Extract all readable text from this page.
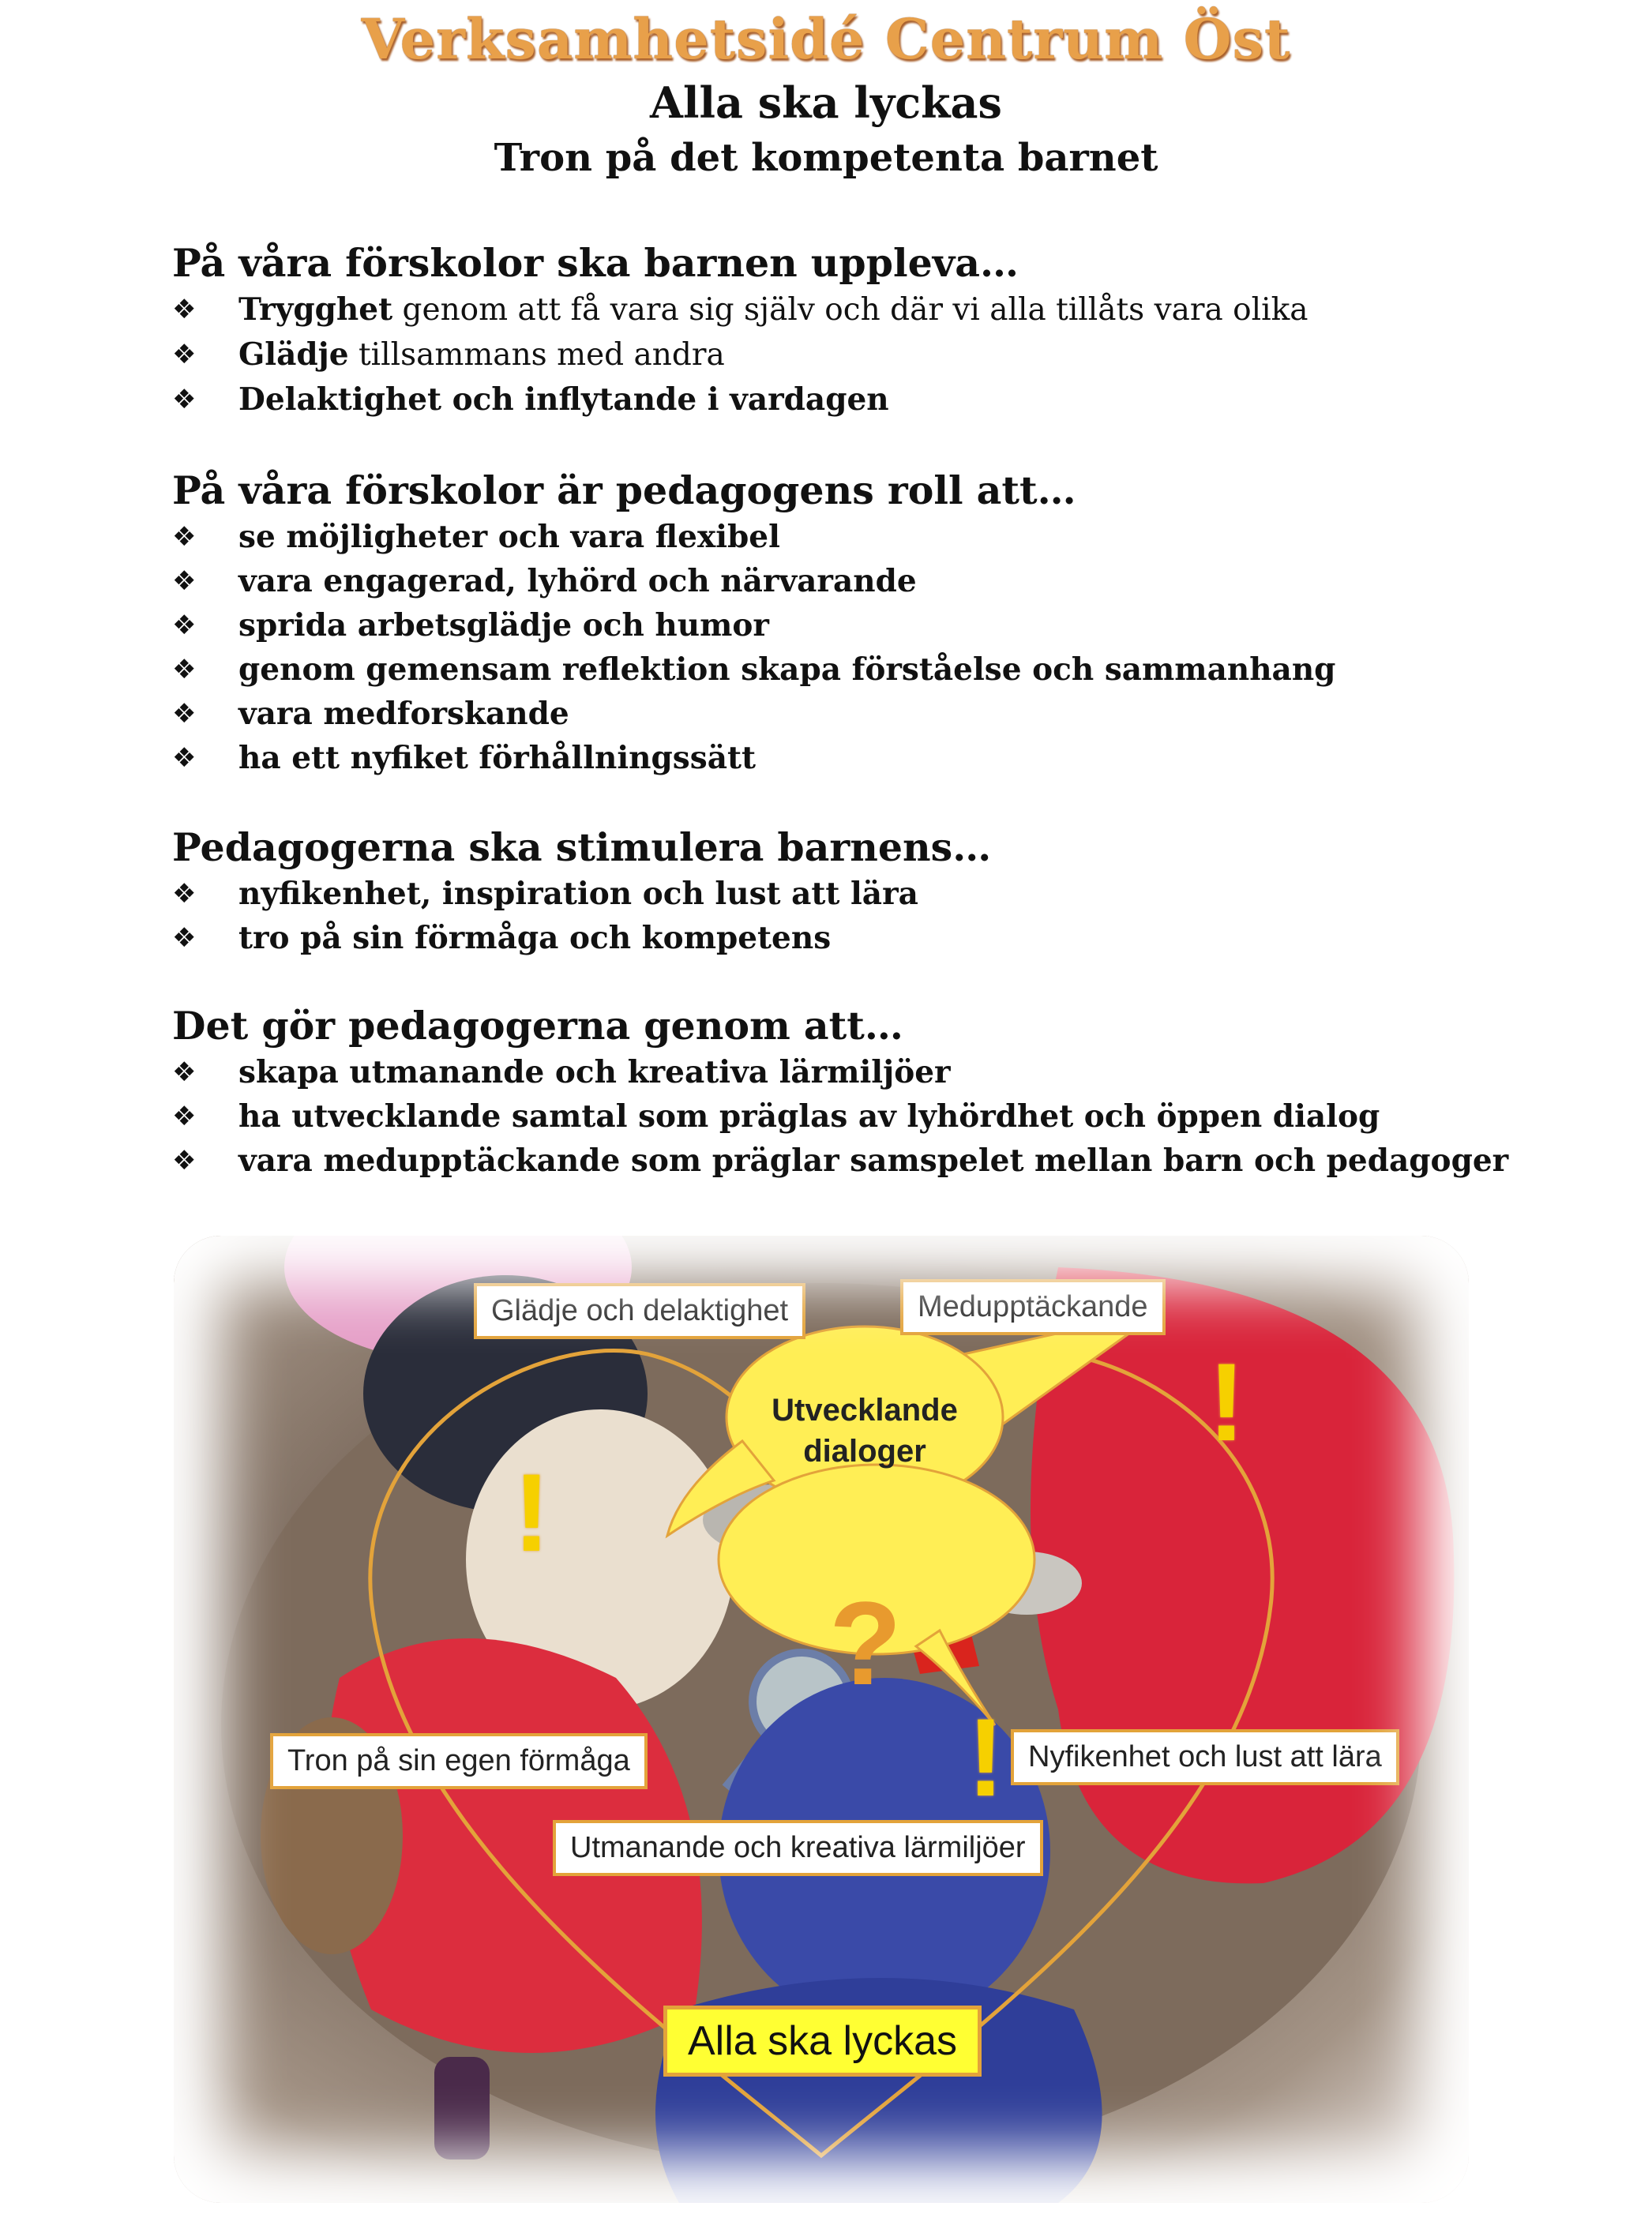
Verksamhetsidé Centrum Öst
Alla ska lyckas
Tron på det kompetenta barnet
På våra förskolor ska barnen uppleva…
❖ Trygghet genom att få vara sig själv och där vi alla tillåts vara olika
❖ Glädje tillsammans med andra
❖ Delaktighet och inflytande i vardagen
På våra förskolor är pedagogens roll att…
❖ se möjligheter och vara flexibel
❖ vara engagerad, lyhörd och närvarande
❖ sprida arbetsglädje och humor
❖ genom gemensam reflektion skapa förståelse och sammanhang
❖ vara medforskande
❖ ha ett nyfiket förhållningssätt
Pedagogerna ska stimulera barnens…
❖ nyfikenhet, inspiration och lust att lära
❖ tro på sin förmåga och kompetens
Det gör pedagogerna genom att…
❖ skapa utmanande och kreativa lärmiljöer
❖ ha utvecklande samtal som präglas av lyhördhet och öppen dialog
❖ vara medupptäckande som präglar samspelet mellan barn och pedagoger
!
!
!
?
Utvecklande dialoger
Glädje och delaktighet	Medupptäckande
Tron på sin egen förmåga	Nyfikenhet och lust att lära
Utmanande och kreativa lärmiljöer
Alla ska lyckas
